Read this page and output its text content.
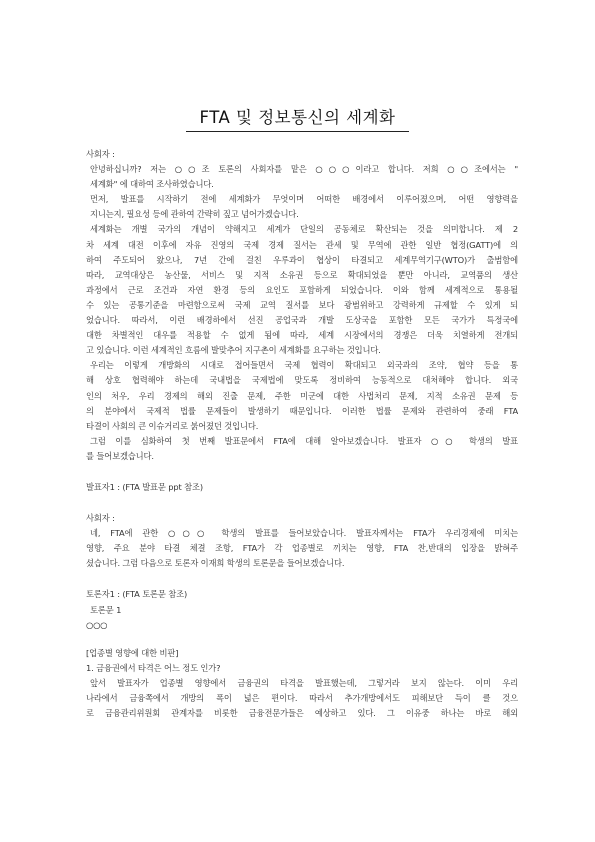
FTA 및 정보통신의 세계화

사회자 :

안녕하십니까? 저는 ○○조 토론의 사회자를 맡은 ○○○이라고 합니다. 저희 ○○조에서는 "

세계화" 에 대하여 조사하였습니다.

먼저, 발표를 시작하기 전에 세계화가 무엇이며 어떠한 배경에서 이루어졌으며, 어떤 영향력을

지니는지, 필요성 등에 관하여 간략히 짚고 넘어가겠습니다.

세계화는 개별 국가의 개념이 약해지고 세계가 단일의 공동체로 확산되는 것을 의미합니다. 제 2

차 세계 대전 이후에 자유 진영의 국제 경제 질서는 관세 및 무역에 관한 일반 협정(GATT)에 의

하여 주도되어 왔으나, 7년 간에 걸친 우루과이 협상이 타결되고 세계무역기구(WTO)가 출범함에

따라, 교역대상은 농산물, 서비스 및 지적 소유권 등으로 확대되었을 뿐만 아니라, 교역품의 생산

과정에서 근로 조건과 자연 환경 등의 요인도 포함하게 되었습니다. 이와 함께 세계적으로 통용될

수 있는 공통기준을 마련함으로써 국제 교역 질서를 보다 광범위하고 강력하게 규제할 수 있게 되

었습니다. 따라서, 이런 배경하에서 선진 공업국과 개발 도상국을 포함한 모든 국가가 특정국에

대한 차별적인 대우를 적용할 수 없게 됨에 따라, 세계 시장에서의 경쟁은 더욱 치열하게 전개되

고 있습니다. 이런 세계적인 흐름에 발맞추어 지구촌이 세계화를 요구하는 것입니다.

우리는 이렇게 개방화의 시대로 접어들면서 국제 협력이 확대되고 외국과의 조약, 협약 등을 통

해 상호 협력해야 하는데 국내법을 국제법에 맞도록 정비하여 능동적으로 대처해야 합니다. 외국

인의 처우, 우리 경제의 해외 진출 문제, 주한 미군에 대한 사법처리 문제, 지적 소유권 문제 등

의 분야에서 국제적 법률 문제들이 발생하기 때문입니다. 이러한 법률 문제와 관련하여 중래 FTA

타결이 사회의 큰 이슈거리로 붉어졌던 것입니다.

그럼 이를 심화하여 첫 번째 발표문에서 FTA에 대해 알아보겠습니다. 발표자 ○○ 학생의 발표

를 들어보겠습니다.

발표자1 : (FTA 발표문 ppt 참조)

사회자 :

네, FTA에 관한 ○○○ 학생의 발표를 들어보았습니다. 발표자께서는 FTA가 우리경제에 미치는

영향, 주요 분야 타결 체결 조항, FTA가 각 업종별로 끼치는 영향, FTA 찬,반대의 입장을 밝혀주

셨습니다. 그럼 다음으로 토론자 이재희 학생의 토론문을 들어보겠습니다.

토론자1 : (FTA 토론문 참조)

토론문 1

○○○

[업종별 영향에 대한 비판]

1. 금융권에서 타격은 어느 정도 인가?

앞서 발표자가 업종별 영향에서 금융권의 타격을 발표했는데, 그렇거라 보지 않는다. 이미 우리

나라에서 금융쪽에서 개방의 폭이 넓은 편이다. 따라서 추가개방에서도 피해보단 득이 클 것으

로 금융관리위원회 관계자를 비롯한 금융전문가들은 예상하고 있다. 그 이유중 하나는 바로 해외
